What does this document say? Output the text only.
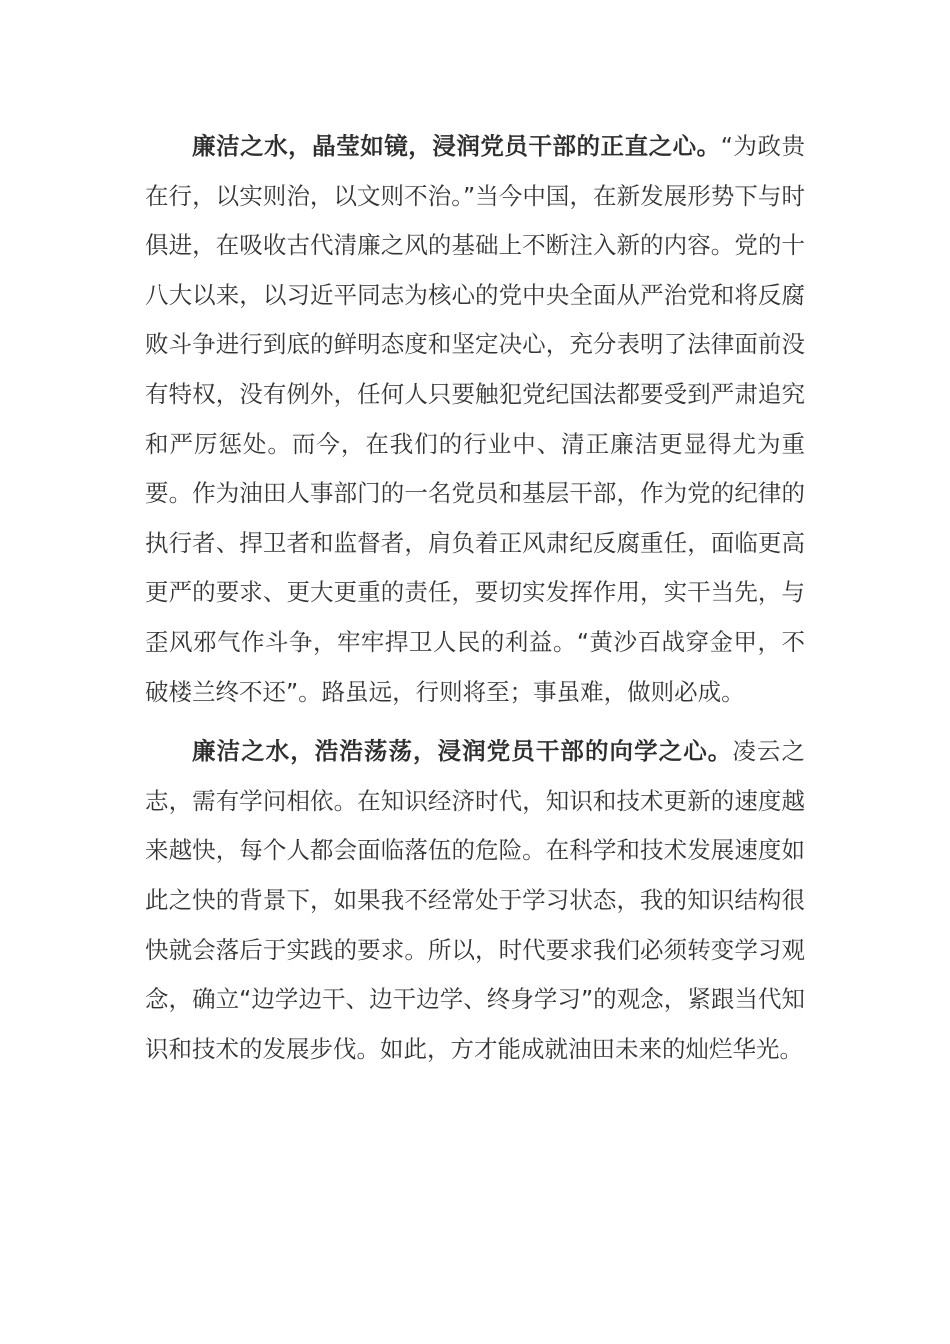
廉洁之水，晶莹如镜，浸润党员干部的正直之心。“为政贵在行，以实则治，以文则不治。”当今中国，在新发展形势下与时俱进，在吸收古代清廉之风的基础上不断注入新的内容。党的十八大以来，以习近平同志为核心的党中央全面从严治党和将反腐败斗争进行到底的鲜明态度和坚定决心，充分表明了法律面前没有特权，没有例外，任何人只要触犯党纪国法都要受到严肃追究和严厉惩处。而今，在我们的行业中、清正廉洁更显得尤为重要。作为油田人事部门的一名党员和基层干部，作为党的纪律的执行者、捍卫者和监督者，肩负着正风肃纪反腐重任，面临更高更严的要求、更大更重的责任，要切实发挥作用，实干当先，与歪风邪气作斗争，牢牢捍卫人民的利益。“黄沙百战穿金甲，不破楼兰终不还”。路虽远，行则将至；事虽难，做则必成。

廉洁之水，浩浩荡荡，浸润党员干部的向学之心。凌云之志，需有学问相依。在知识经济时代，知识和技术更新的速度越来越快，每个人都会面临落伍的危险。在科学和技术发展速度如此之快的背景下，如果我不经常处于学习状态，我的知识结构很快就会落后于实践的要求。所以，时代要求我们必须转变学习观念，确立“边学边干、边干边学、终身学习”的观念，紧跟当代知识和技术的发展步伐。如此，方才能成就油田未来的灿烂华光。
